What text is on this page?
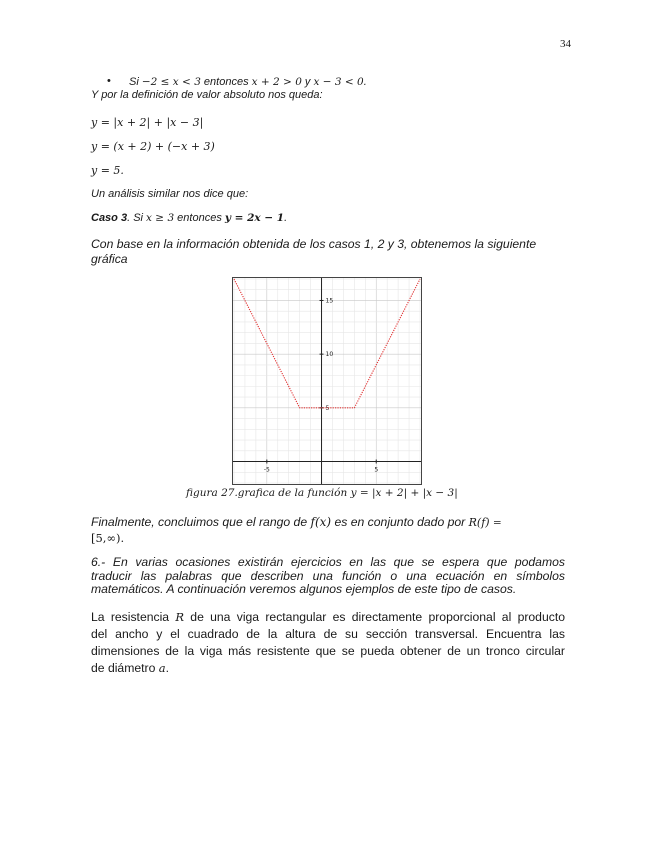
34
• Si −2 ≤ x < 3 entonces x + 2 > 0 y x − 3 < 0.
Y por la definición de valor absoluto nos queda:
y = |x + 2| + |x − 3|
y = (x + 2) + (−x + 3)
y = 5.
Un análisis similar nos dice que:
Caso 3. Si x ≥ 3 entonces y = 2x − 1.
Con base en la información obtenida de los casos 1, 2 y 3, obtenemos la siguiente
gráfica
-5	5
5
10
15
figura 27.grafica de la función y = |x + 2| + |x − 3|
Finalmente, concluimos que el rango de f(x) es en conjunto dado por R(f) =
[5,∞).
6.- En varias ocasiones existirán ejercicios en las que se espera que podamos
traducir las palabras que describen una función o una ecuación en símbolos
matemáticos. A continuación veremos algunos ejemplos de este tipo de casos.
La resistencia R de una viga rectangular es directamente proporcional al producto
del ancho y el cuadrado de la altura de su sección transversal. Encuentra las
dimensiones de la viga más resistente que se pueda obtener de un tronco circular
de diámetro a.
